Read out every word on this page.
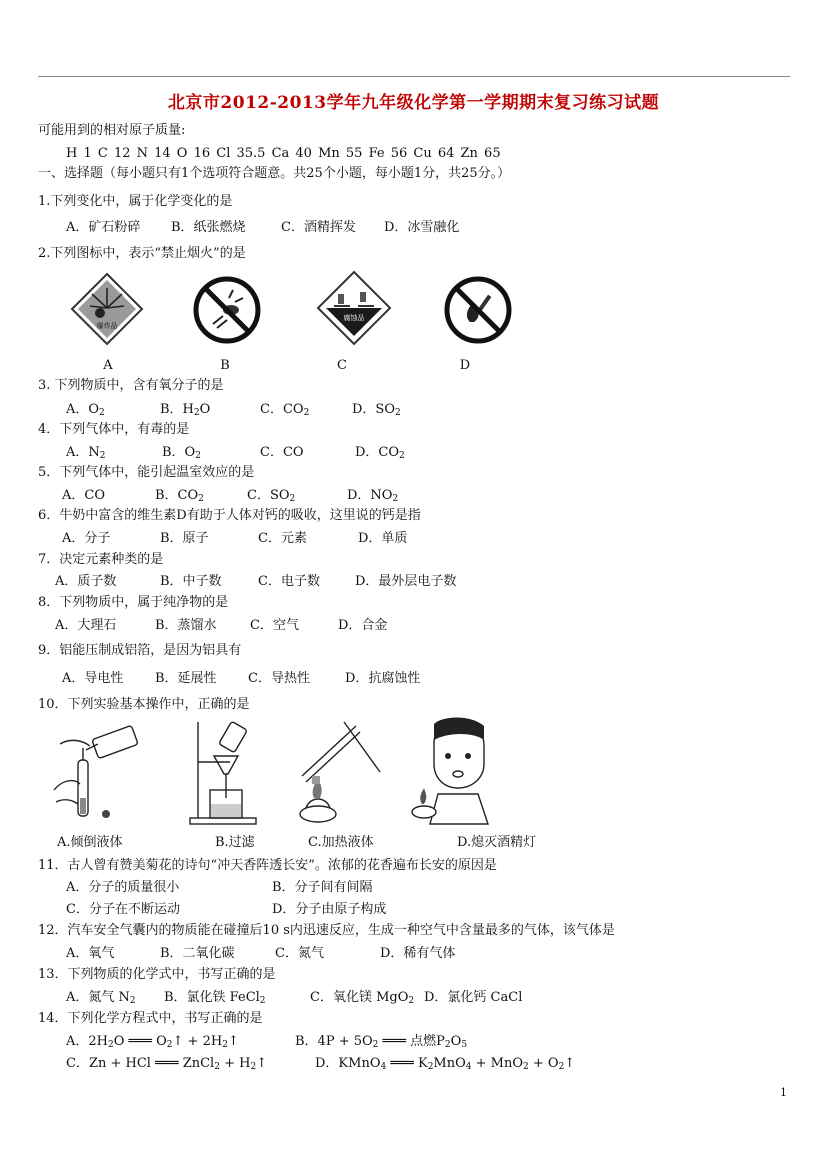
北京市2012-2013学年九年级化学第一学期期末复习练习试题
可能用到的相对原子质量:
H 1 C 12 N 14 O 16 Cl 35.5 Ca 40 Mn 55 Fe 56 Cu 64 Zn 65
一、选择题（每小题只有1个选项符合题意。共25个小题，每小题1分，共25分。）
1.下列变化中，属于化学变化的是
A．矿石粉碎 B．纸张燃烧	C．酒精挥发 D．冰雪融化
2.下列图标中，表示“禁止烟火”的是
爆炸品
腐蚀品
A	B	C	D
3. 下列物质中，含有氧分子的是
A．$O_2$	B．$H_2O$	C．$CO_2$	D．$SO_2$
4．下列气体中，有毒的是
A．$N_2$	B．$O_2$	C．CO	D．$CO_2$
5．下列气体中，能引起温室效应的是
A．CO	B．$CO_2$	C．$SO_2$	D．$NO_2$
6．牛奶中富含的维生素D有助于人体对钙的吸收，这里说的钙是指
A．分子	B．原子	C．元素	D．单质
7．决定元素种类的是
A．质子数	B．中子数	C．电子数	D．最外层电子数
8．下列物质中，属于纯净物的是
A．大理石	B．蒸馏水	C．空气	D．合金
9．铝能压制成铝箔，是因为铝具有
A．导电性 B．延展性 C．导热性	D．抗腐蚀性
10．下列实验基本操作中，正确的是
A.倾倒液体	B.过滤	C.加热液体	D.熄灭酒精灯
11．古人曾有赞美菊花的诗句“冲天香阵透长安”。浓郁的花香遍布长安的原因是
A．分子的质量很小	B．分子间有间隔
C．分子在不断运动	D．分子由原子构成
12．汽车安全气囊内的物质能在碰撞后10 s内迅速反应，生成一种空气中含量最多的气体，该气体是
A．氧气	B．二氧化碳	C．氮气	D．稀有气体
13．下列物质的化学式中，书写正确的是
A．氮气 $N_2$ B．氯化铁 FeCl$_2$	C．氧化镁 MgO$_2$ D．氯化钙 CaCl
14．下列化学方程式中，书写正确的是
A．$2H_2O$ ═══ $O_2↑$ + $2H_2↑$	B．$4P + 5O_2$ ═══ 点燃$P_2O_5$
C．Zn + HCl ═══ ZnCl$_2$ + $H_2↑$	D．KMnO$_4$ ═══ $K_2MnO_4 + MnO_2$ + $O_2↑$
1
